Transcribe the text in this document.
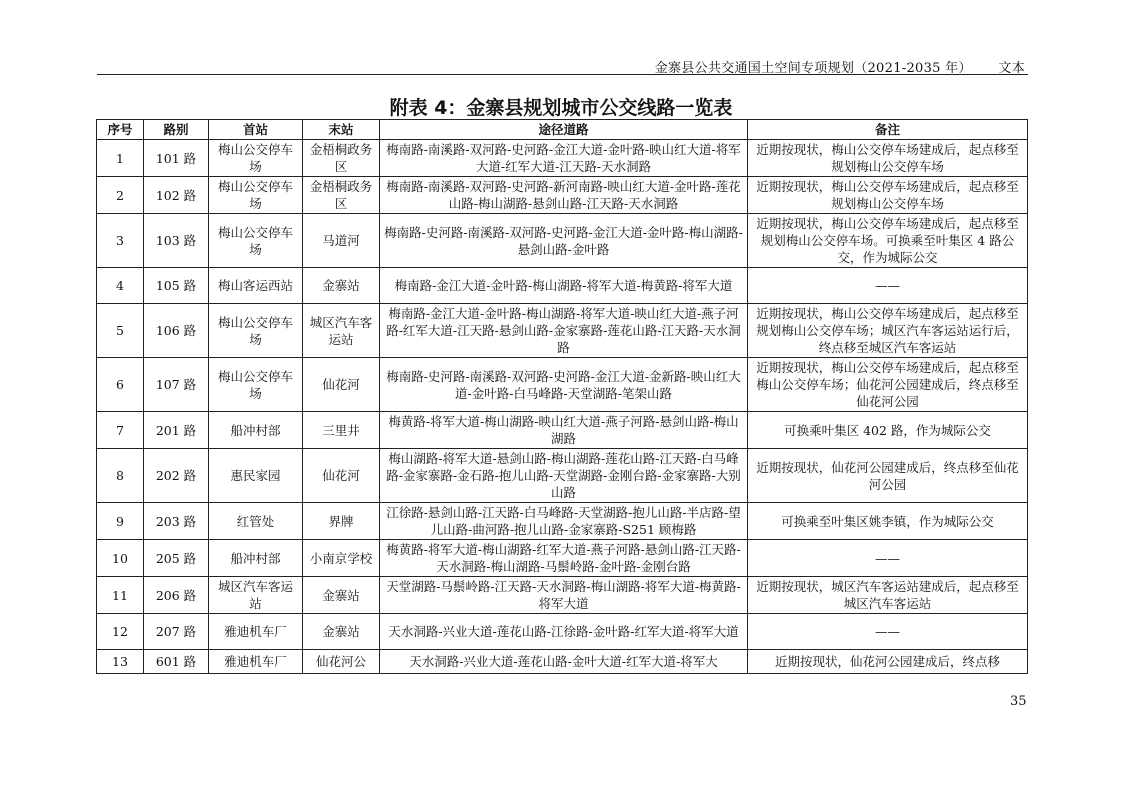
金寨县公共交通国土空间专项规划（2021-2035 年） 文本
附表 4：金寨县规划城市公交线路一览表
序号	路别	首站	末站	途径道路	备注
1	101 路	梅山公交停车场	金梧桐政务区	梅南路-南溪路-双河路-史河路-金江大道-金叶路-映山红大道-将军大道-红军大道-江天路-天水洞路	近期按现状，梅山公交停车场建成后，起点移至规划梅山公交停车场
2	102 路	梅山公交停车场	金梧桐政务区	梅南路-南溪路-双河路-史河路-新河南路-映山红大道-金叶路-莲花山路-梅山湖路-悬剑山路-江天路-天水洞路	近期按现状，梅山公交停车场建成后，起点移至规划梅山公交停车场
3	103 路	梅山公交停车场	马道河	梅南路-史河路-南溪路-双河路-史河路-金江大道-金叶路-梅山湖路-悬剑山路-金叶路	近期按现状，梅山公交停车场建成后，起点移至规划梅山公交停车场。可换乘至叶集区 4 路公交，作为城际公交
4	105 路	梅山客运西站	金寨站	梅南路-金江大道-金叶路-梅山湖路-将军大道-梅黄路-将军大道	——
5	106 路	梅山公交停车场	城区汽车客运站	梅南路-金江大道-金叶路-梅山湖路-将军大道-映山红大道-燕子河路-红军大道-江天路-悬剑山路-金家寨路-莲花山路-江天路-天水洞路	近期按现状，梅山公交停车场建成后，起点移至规划梅山公交停车场；城区汽车客运站运行后，终点移至城区汽车客运站
6	107 路	梅山公交停车场	仙花河	梅南路-史河路-南溪路-双河路-史河路-金江大道-金新路-映山红大道-金叶路-白马峰路-天堂湖路-笔架山路	近期按现状，梅山公交停车场建成后，起点移至梅山公交停车场；仙花河公园建成后，终点移至仙花河公园
7	201 路	船冲村部	三里井	梅黄路-将军大道-梅山湖路-映山红大道-燕子河路-悬剑山路-梅山湖路	可换乘叶集区 402 路，作为城际公交
8	202 路	惠民家园	仙花河	梅山湖路-将军大道-悬剑山路-梅山湖路-莲花山路-江天路-白马峰路-金家寨路-金石路-抱儿山路-天堂湖路-金刚台路-金家寨路-大别山路	近期按现状，仙花河公园建成后，终点移至仙花河公园
9	203 路	红管处	界牌	江徐路-悬剑山路-江天路-白马峰路-天堂湖路-抱儿山路-半店路-望儿山路-曲河路-抱儿山路-金家寨路-S251 顾梅路	可换乘至叶集区姚李镇，作为城际公交
10	205 路	船冲村部	小南京学校	梅黄路-将军大道-梅山湖路-红军大道-燕子河路-悬剑山路-江天路-天水洞路-梅山湖路-马鬃岭路-金叶路-金刚台路	——
11	206 路	城区汽车客运站	金寨站	天堂湖路-马鬃岭路-江天路-天水洞路-梅山湖路-将军大道-梅黄路-将军大道	近期按现状，城区汽车客运站建成后，起点移至城区汽车客运站
12	207 路	雅迪机车厂	金寨站	天水洞路-兴业大道-莲花山路-江徐路-金叶路-红军大道-将军大道	——
13	601 路	雅迪机车厂	仙花河公	天水洞路-兴业大道-莲花山路-金叶大道-红军大道-将军大	近期按现状，仙花河公园建成后，终点移
35
